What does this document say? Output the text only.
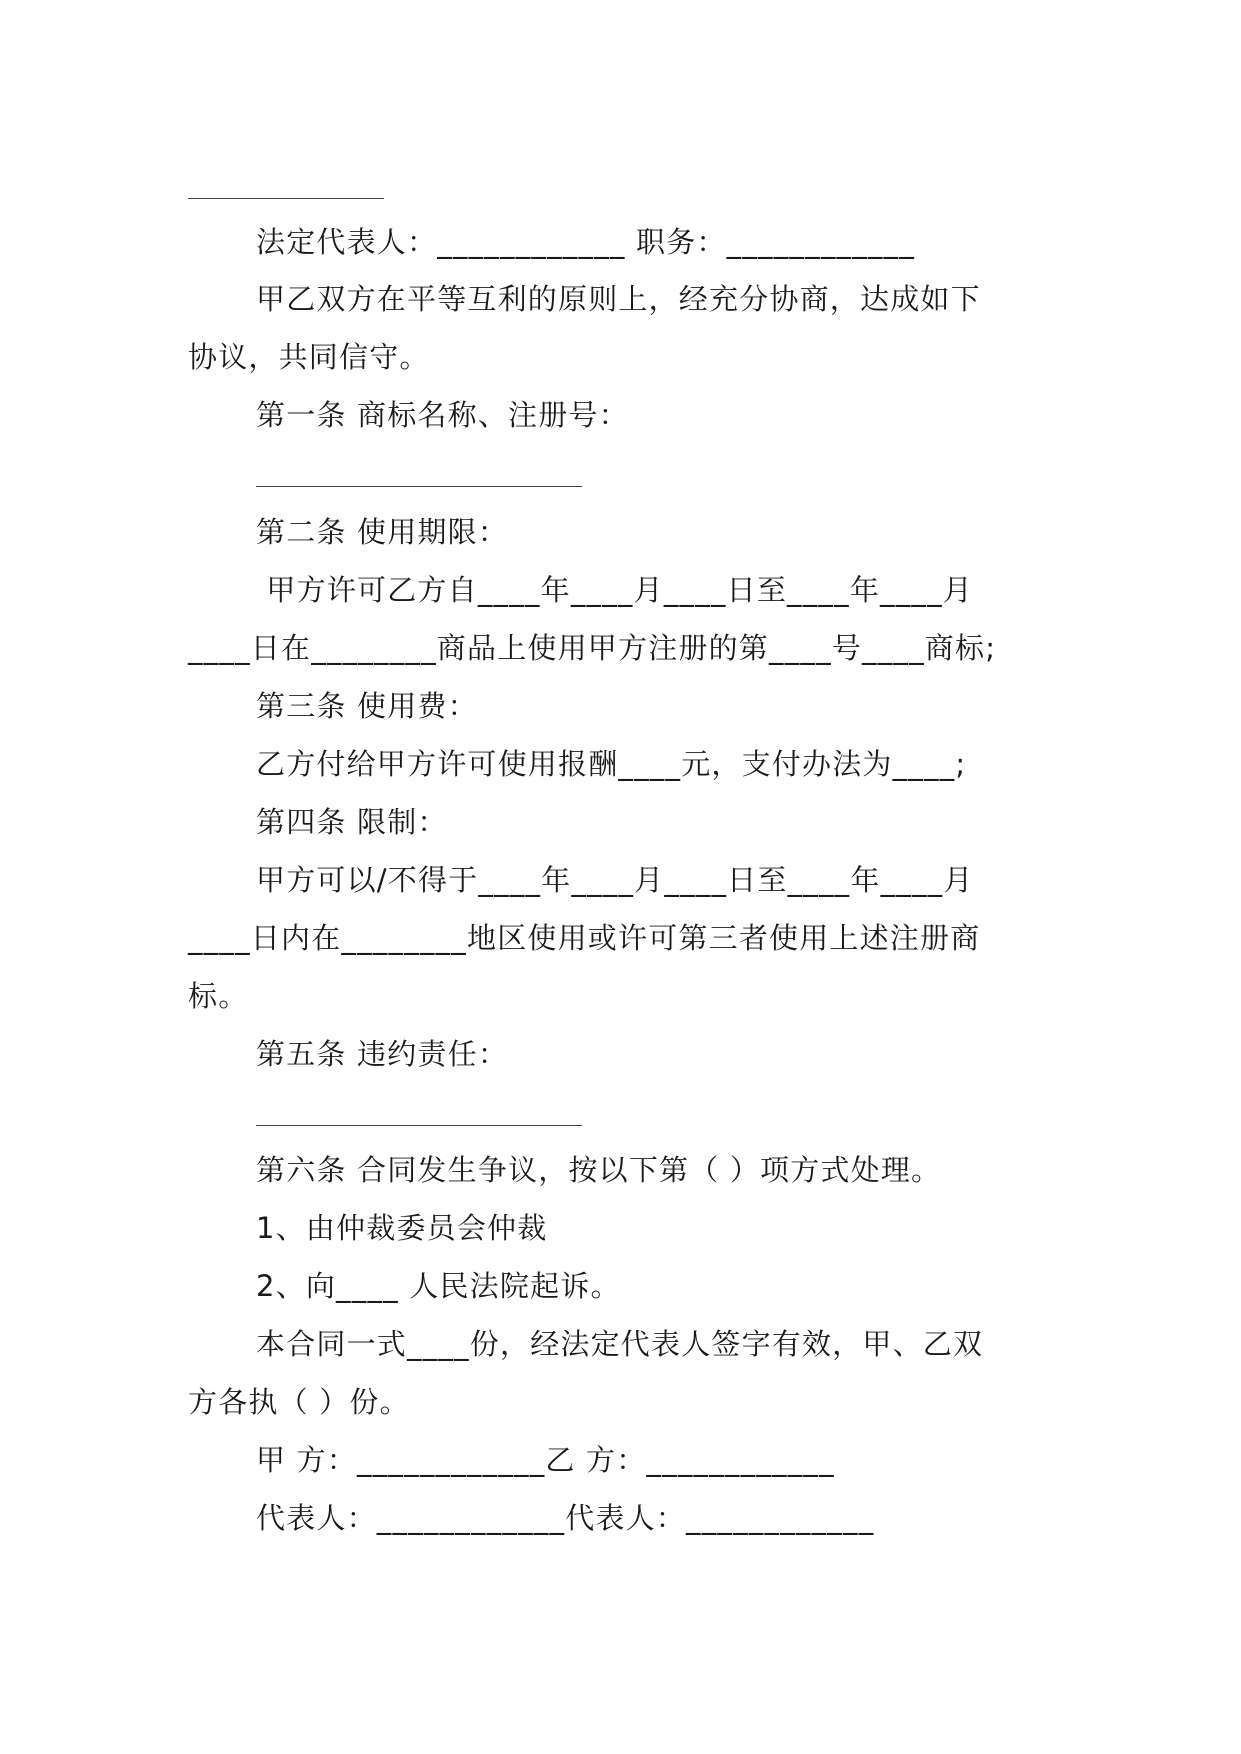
法定代表人：____________ 职务：____________
甲乙双方在平等互利的原则上，经充分协商，达成如下
协议，共同信守。
第一条 商标名称、注册号：
第二条 使用期限：
甲方许可乙方自____年____月____日至____年____月
____日在________商品上使用甲方注册的第____号____商标;
第三条 使用费：
乙方付给甲方许可使用报酬____元，支付办法为____;
第四条 限制：
甲方可以/不得于____年____月____日至____年____月
____日内在________地区使用或许可第三者使用上述注册商
标。
第五条 违约责任：
第六条 合同发生争议，按以下第（ ）项方式处理。
1、由仲裁委员会仲裁
2、向____ 人民法院起诉。
本合同一式____份，经法定代表人签字有效，甲、乙双
方各执（ ）份。
甲 方：____________乙 方：____________
代表人：____________代表人：____________
